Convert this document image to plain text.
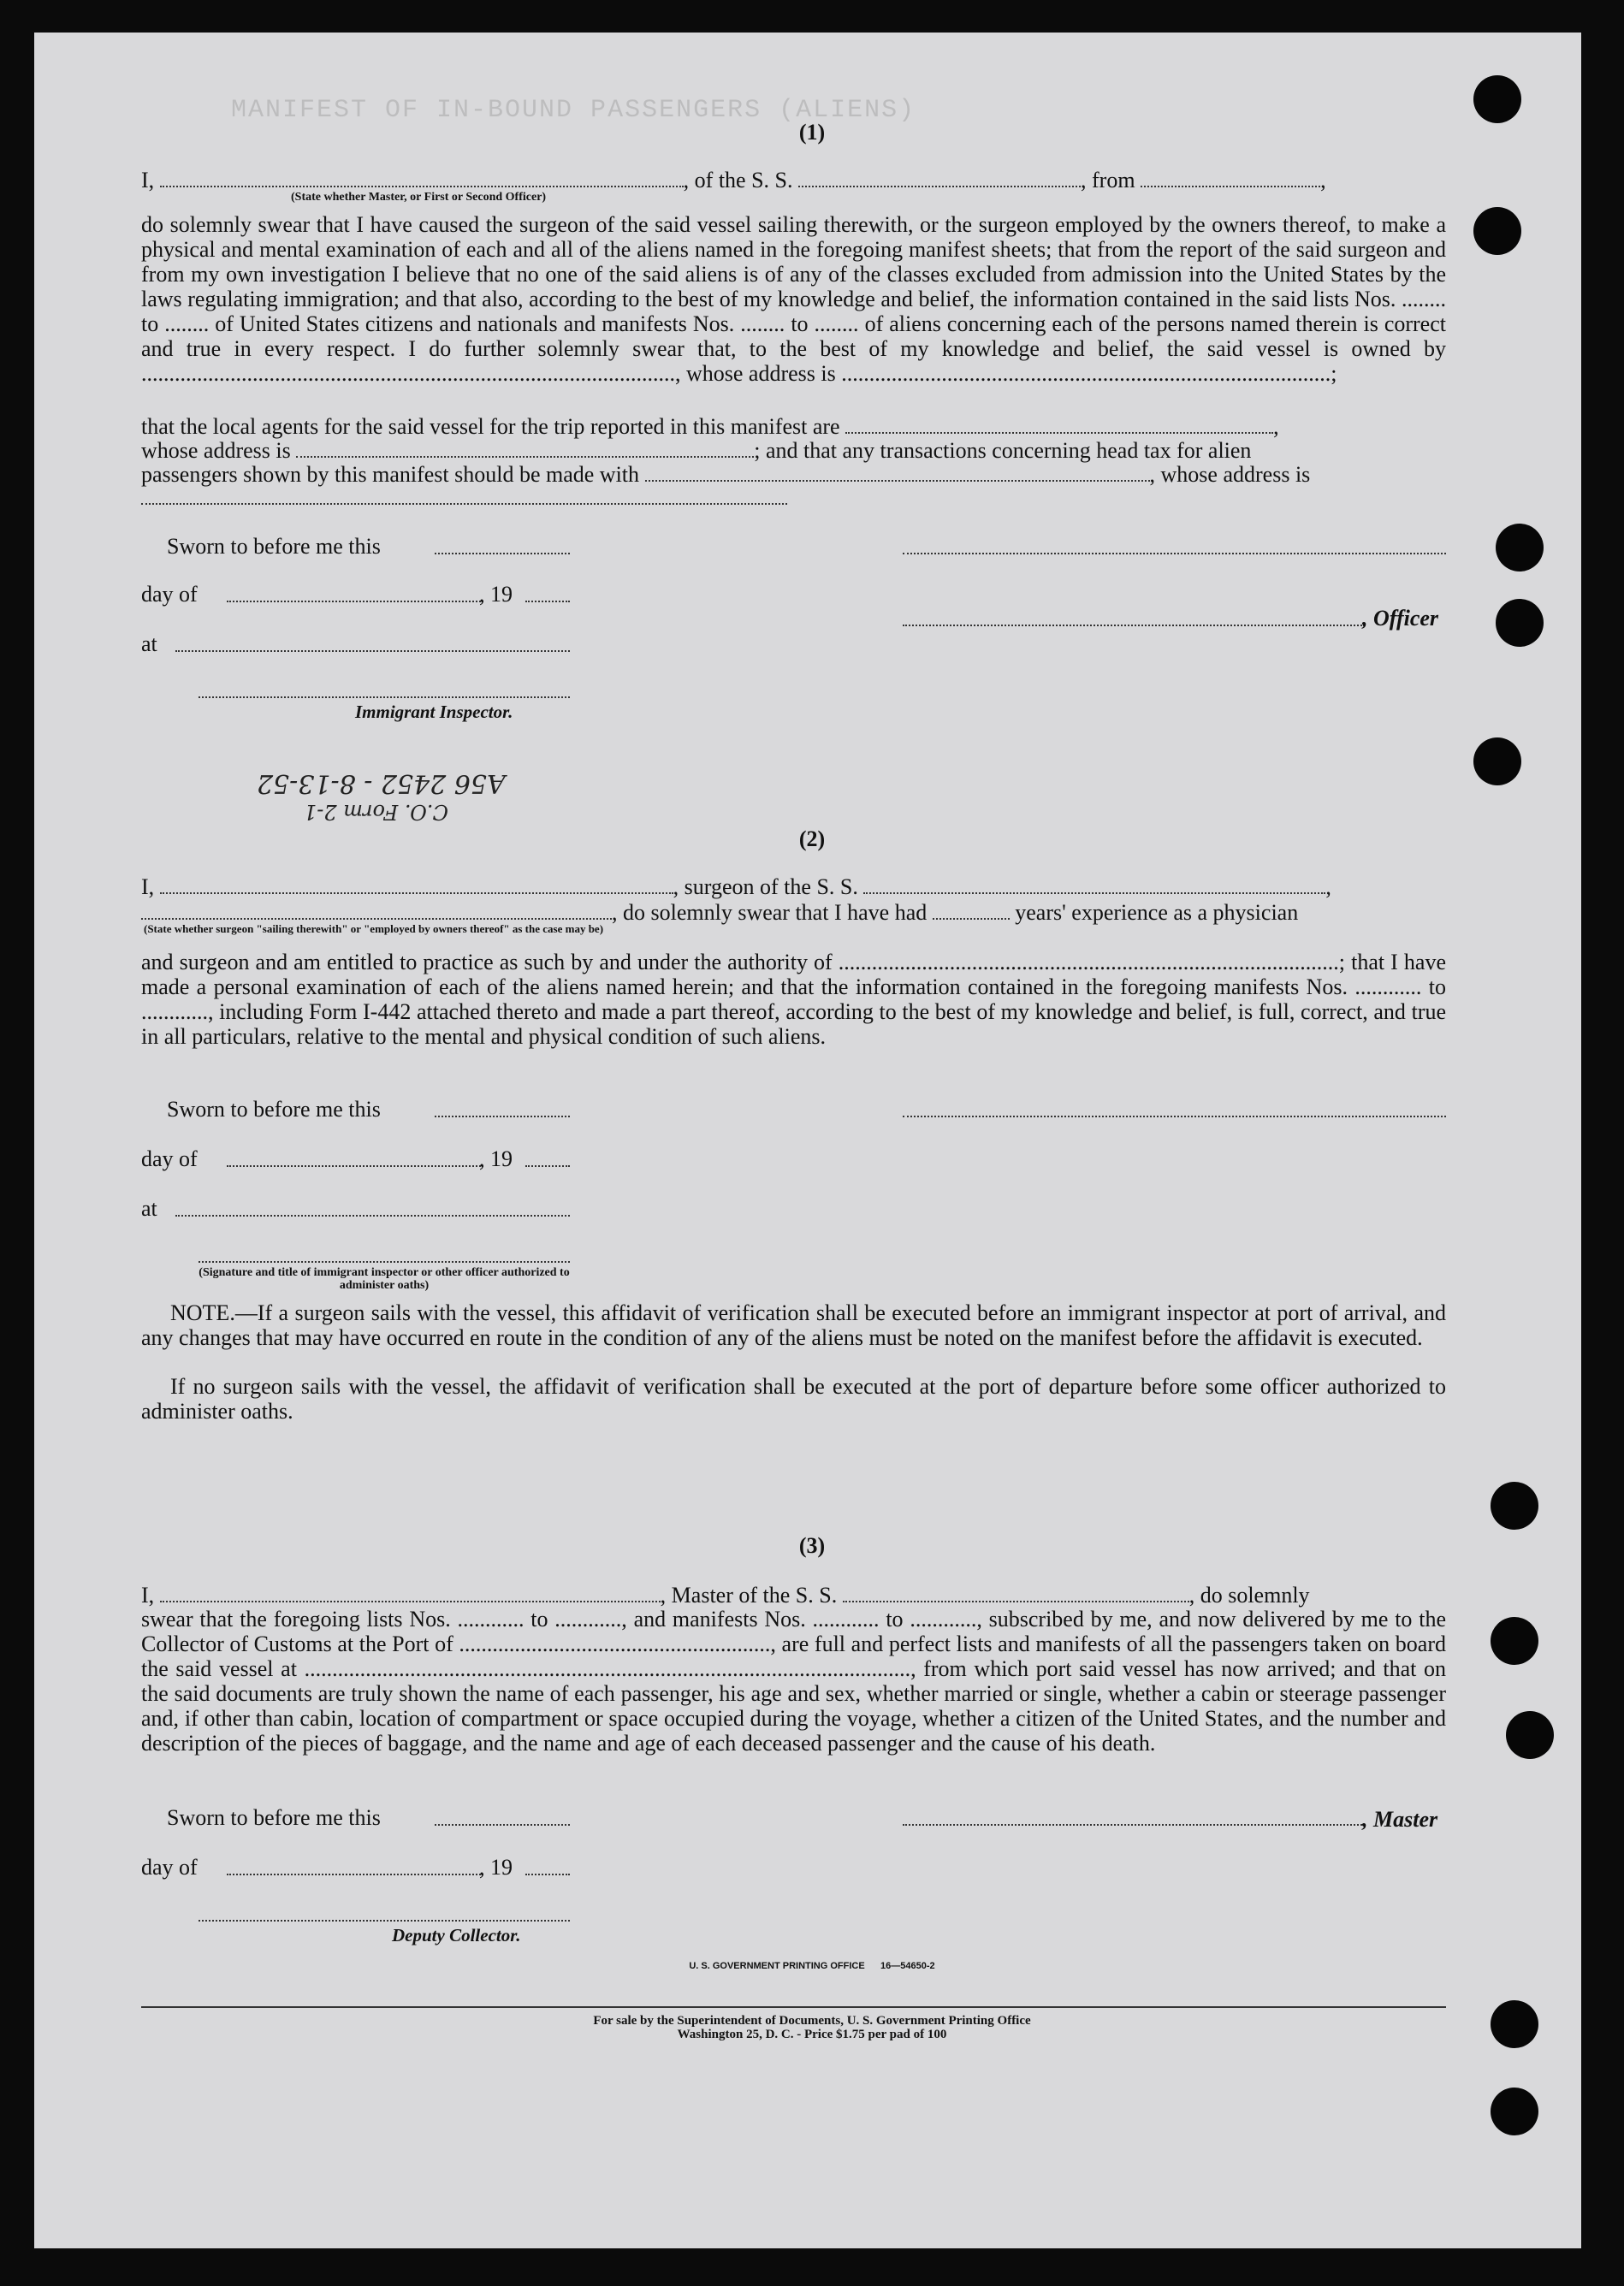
MANIFEST OF IN-BOUND PASSENGERS (ALIENS)
(1)
I,	, of the S. S.	, from	,
(State whether Master, or First or Second Officer)
do solemnly swear that I have caused the surgeon of the said vessel sailing therewith, or the surgeon employed by the owners thereof, to make a physical and mental examination of each and all of the aliens named in the foregoing manifest sheets; that from the report of the said surgeon and from my own investigation I believe that no one of the said aliens is of any of the classes excluded from admission into the United States by the laws regulating immigration; and that also, according to the best of my knowledge and belief, the information contained in the said lists Nos. ........ to ........ of United States citizens and nationals and manifests Nos. ........ to ........ of aliens concerning each of the persons named therein is correct and true in every respect. I do further solemnly swear that, to the best of my knowledge and belief, the said vessel is owned by ................................................................................................, whose address is ........................................................................................;
that the local agents for the said vessel for the trip reported in this manifest are	,
whose address is	; and that any transactions concerning head tax for alien
passengers shown by this manifest should be made with	, whose address is
Sworn to before me this
day of	, 19
, Officer
at
Immigrant Inspector.
A56 2452 - 8-13-52
C.O. Form 2-1
(2)
I,	, surgeon of the S. S.	,
, do solemnly swear that I have had	years' experience as a physician
(State whether surgeon "sailing therewith" or "employed by owners thereof" as the case may be)
and surgeon and am entitled to practice as such by and under the authority of ..........................................................................................; that I have made a personal examination of each of the aliens named herein; and that the information contained in the foregoing manifests Nos. ............ to ............, including Form I-442 attached thereto and made a part thereof, according to the best of my knowledge and belief, is full, correct, and true in all particulars, relative to the mental and physical condition of such aliens.
Sworn to before me this
day of	, 19
at
(Signature and title of immigrant inspector or other officer authorized to administer oaths)
NOTE.—If a surgeon sails with the vessel, this affidavit of verification shall be executed before an immigrant inspector at port of arrival, and any changes that may have occurred en route in the condition of any of the aliens must be noted on the manifest before the affidavit is executed.
If no surgeon sails with the vessel, the affidavit of verification shall be executed at the port of departure before some officer authorized to administer oaths.
(3)
I,	, Master of the S. S.	, do solemnly
swear that the foregoing lists Nos. ............ to ............, and manifests Nos. ............ to ............, subscribed by me, and now delivered by me to the Collector of Customs at the Port of ........................................................, are full and perfect lists and manifests of all the passengers taken on board the said vessel at ............................................................................................................., from which port said vessel has now arrived; and that on the said documents are truly shown the name of each passenger, his age and sex, whether married or single, whether a cabin or steerage passenger and, if other than cabin, location of compartment or space occupied during the voyage, whether a citizen of the United States, and the number and description of the pieces of baggage, and the name and age of each deceased passenger and the cause of his death.
Sworn to before me this	, Master
day of	, 19
Deputy Collector.
U. S. GOVERNMENT PRINTING OFFICE      16—54650-2
For sale by the Superintendent of Documents, U. S. Government Printing Office
Washington 25, D. C. - Price $1.75 per pad of 100
